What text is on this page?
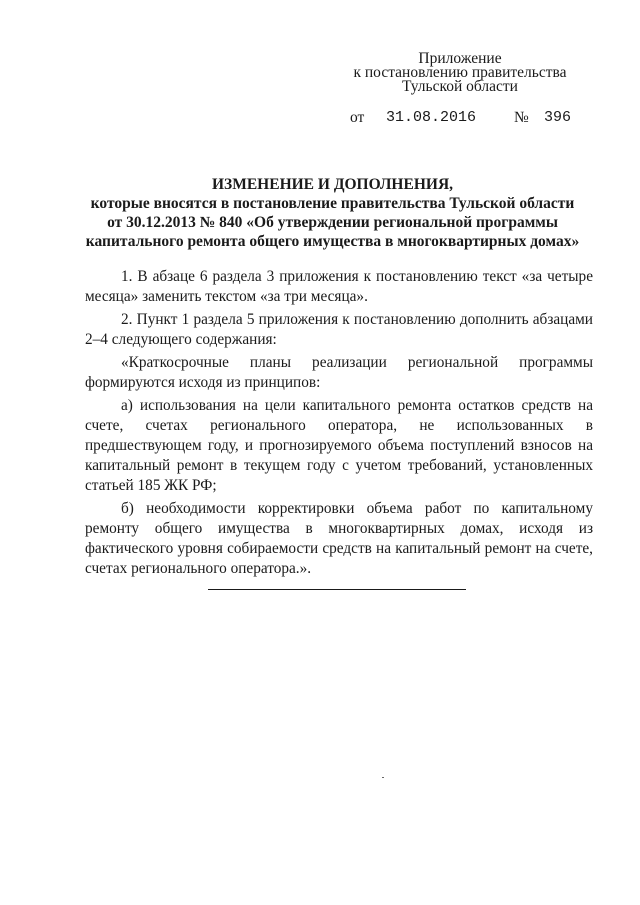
Приложение
к постановлению правительства
Тульской области
от 31.08.2016 № 396
ИЗМЕНЕНИЕ И ДОПОЛНЕНИЯ,
которые вносятся в постановление правительства Тульской области
от 30.12.2013 № 840 «Об утверждении региональной программы
капитального ремонта общего имущества в многоквартирных домах»

1. В абзаце 6 раздела 3 приложения к постановлению текст «за четыре месяца» заменить текстом «за три месяца».

2. Пункт 1 раздела 5 приложения к постановлению дополнить абзацами 2–4 следующего содержания:

«Краткосрочные планы реализации региональной программы формируются исходя из принципов:

а) использования на цели капитального ремонта остатков средств на счете, счетах регионального оператора, не использованных в предшествующем году, и прогнозируемого объема поступлений взносов на капитальный ремонт в текущем году с учетом требований, установленных статьей 185 ЖК РФ;

б) необходимости корректировки объема работ по капитальному ремонту общего имущества в многоквартирных домах, исходя из фактического уровня собираемости средств на капитальный ремонт на счете, счетах регионального оператора.».
